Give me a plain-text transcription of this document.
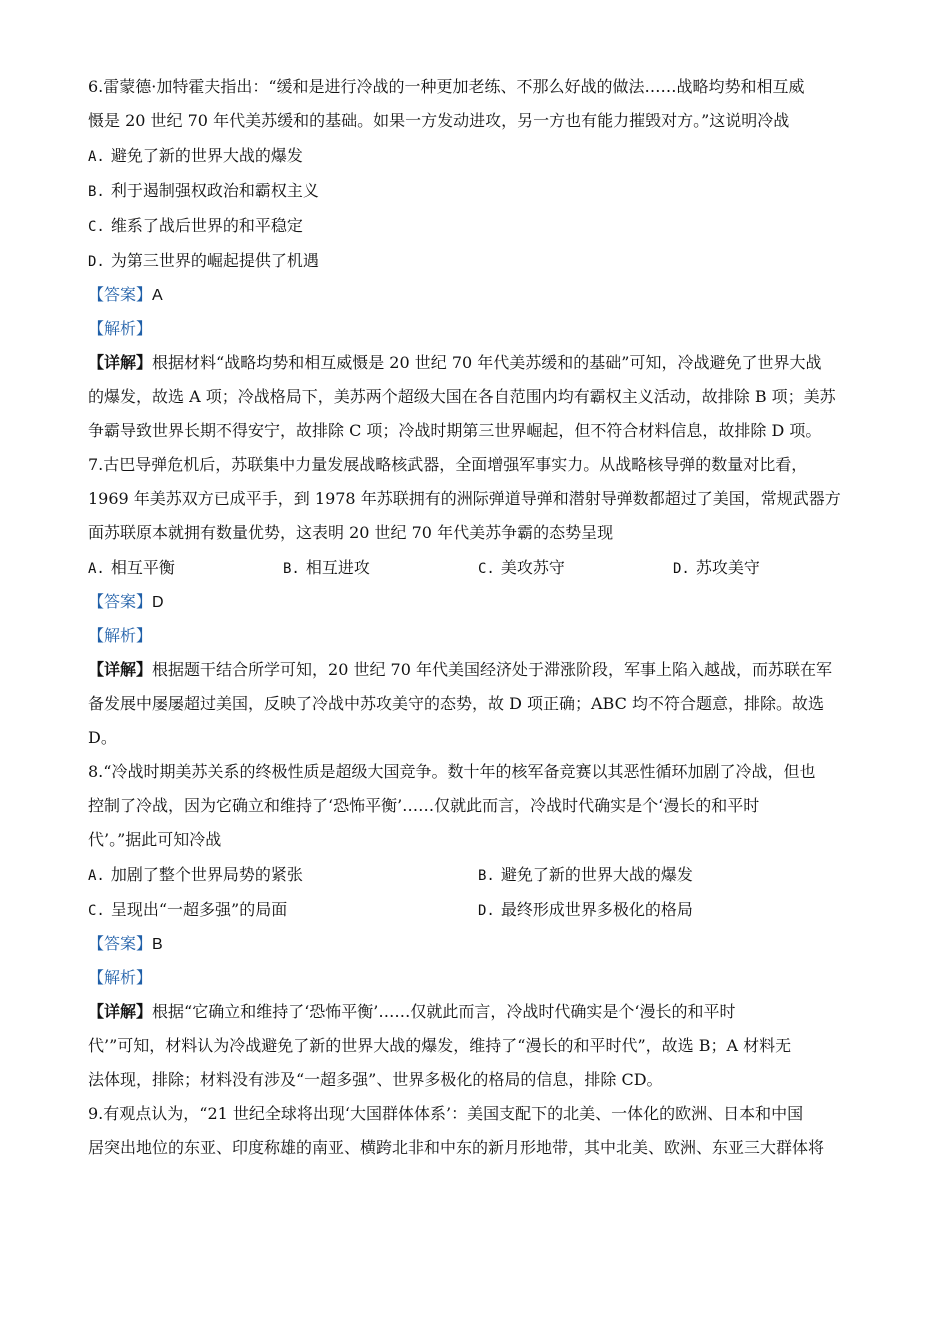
6.雷蒙德·加特霍夫指出：“缓和是进行冷战的一种更加老练、不那么好战的做法……战略均势和相互威
慑是 20 世纪 70 年代美苏缓和的基础。如果一方发动进攻，另一方也有能力摧毁对方。”这说明冷战
A. 避免了新的世界大战的爆发
B. 利于遏制强权政治和霸权主义
C. 维系了战后世界的和平稳定
D. 为第三世界的崛起提供了机遇
【答案】A
【解析】
【详解】根据材料“战略均势和相互威慑是 20 世纪 70 年代美苏缓和的基础”可知，冷战避免了世界大战
的爆发，故选 A 项；冷战格局下，美苏两个超级大国在各自范围内均有霸权主义活动，故排除 B 项；美苏
争霸导致世界长期不得安宁，故排除 C 项；冷战时期第三世界崛起，但不符合材料信息，故排除 D 项。
7.古巴导弹危机后，苏联集中力量发展战略核武器，全面增强军事实力。从战略核导弹的数量对比看，
1969 年美苏双方已成平手，到 1978 年苏联拥有的洲际弹道导弹和潜射导弹数都超过了美国，常规武器方
面苏联原本就拥有数量优势，这表明 20 世纪 70 年代美苏争霸的态势呈现
A. 相互平衡	B. 相互进攻	C. 美攻苏守	D. 苏攻美守
【答案】D
【解析】
【详解】根据题干结合所学可知，20 世纪 70 年代美国经济处于滞涨阶段，军事上陷入越战，而苏联在军
备发展中屡屡超过美国，反映了冷战中苏攻美守的态势，故 D 项正确；ABC 均不符合题意，排除。故选
D。
8.“冷战时期美苏关系的终极性质是超级大国竞争。数十年的核军备竞赛以其恶性循环加剧了冷战，但也
控制了冷战，因为它确立和维持了‘恐怖平衡’……仅就此而言，冷战时代确实是个‘漫长的和平时
代’。”据此可知冷战
A. 加剧了整个世界局势的紧张	B. 避免了新的世界大战的爆发
C. 呈现出“一超多强”的局面	D. 最终形成世界多极化的格局
【答案】B
【解析】
【详解】根据“它确立和维持了‘恐怖平衡’……仅就此而言，冷战时代确实是个‘漫长的和平时
代’”可知，材料认为冷战避免了新的世界大战的爆发，维持了“漫长的和平时代”，故选 B；A 材料无
法体现，排除；材料没有涉及“一超多强”、世界多极化的格局的信息，排除 CD。
9.有观点认为，“21 世纪全球将出现‘大国群体体系’：美国支配下的北美、一体化的欧洲、日本和中国
居突出地位的东亚、印度称雄的南亚、横跨北非和中东的新月形地带，其中北美、欧洲、东亚三大群体将
